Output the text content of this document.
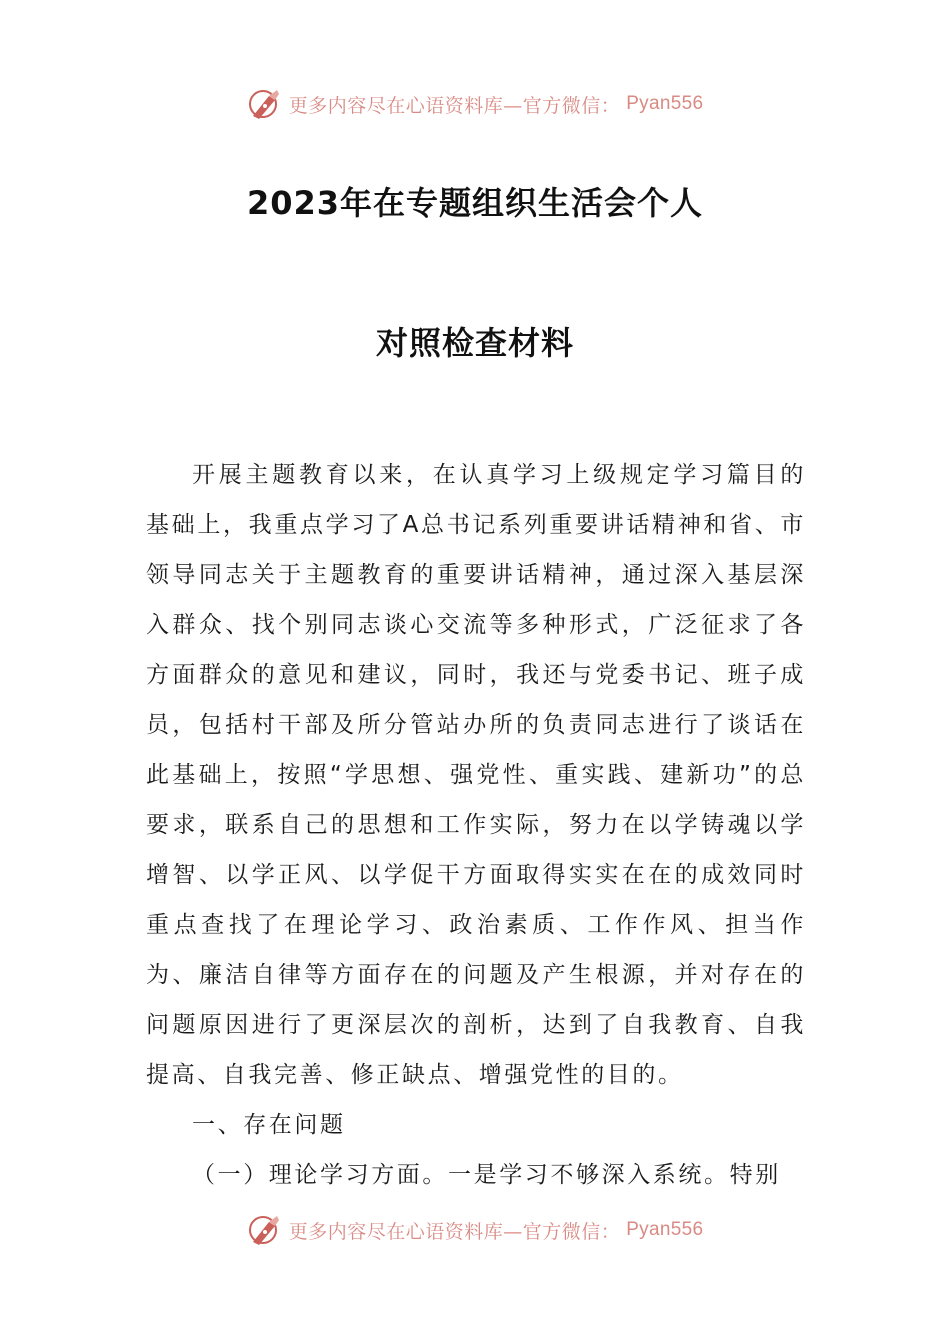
更多内容尽在心语资料库—官方微信： Pyan556
2023年在专题组织生活会个人
对照检查材料

开展主题教育以来，在认真学习上级规定学习篇目的基础上，我重点学习了A总书记系列重要讲话精神和省、市领导同志关于主题教育的重要讲话精神，通过深入基层深入群众、找个别同志谈心交流等多种形式，广泛征求了各方面群众的意见和建议，同时，我还与党委书记、班子成员，包括村干部及所分管站办所的负责同志进行了谈话在此基础上，按照“学思想、强党性、重实践、建新功”的总要求，联系自己的思想和工作实际，努力在以学铸魂以学增智、以学正风、以学促干方面取得实实在在的成效同时重点查找了在理论学习、政治素质、工作作风、担当作为、廉洁自律等方面存在的问题及产生根源，并对存在的问题原因进行了更深层次的剖析，达到了自我教育、自我提高、自我完善、修正缺点、增强党性的目的。

一、存在问题

（一）理论学习方面。一是学习不够深入系统。特别

更多内容尽在心语资料库—官方微信： Pyan556
